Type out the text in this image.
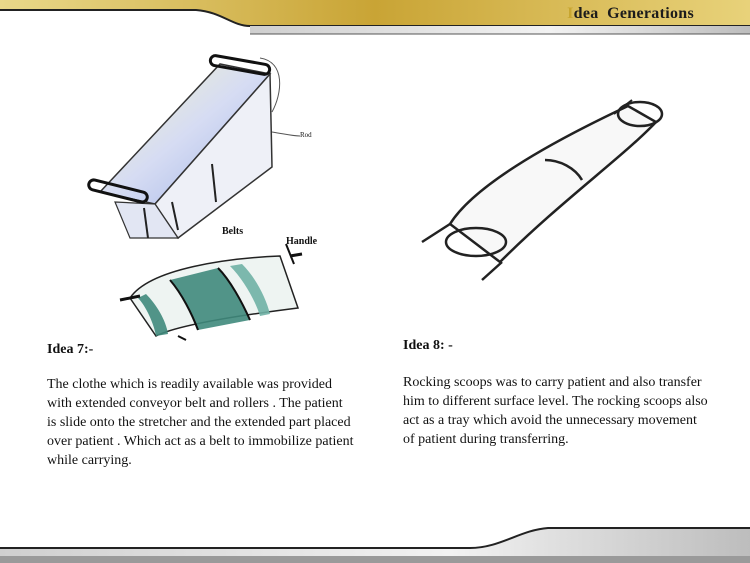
Idea  Generations
Rod
Belts
Handle
Idea 7:-
The clothe which is readily available was provided
with extended conveyor belt and rollers . The patient
is slide onto the stretcher and the extended part placed
over patient . Which act as a belt to immobilize patient
while carrying.
Idea 8: -
Rocking scoops was to carry patient and also transfer
him to different surface level. The rocking scoops also
act as a tray which avoid the unnecessary movement
of patient during transferring.
